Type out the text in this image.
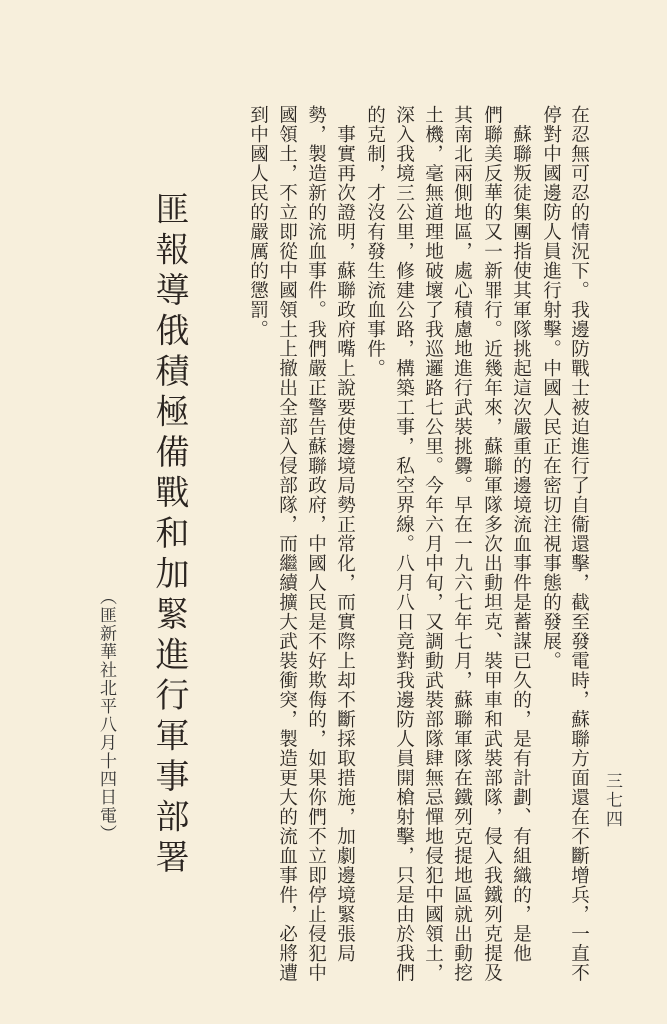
三七四
在忍無可忍的情況下。我邊防戰士被迫進行了自衞還擊，截至發電時，蘇聯方面還在不斷增兵，一直不
停對中國邊防人員進行射擊。中國人民正在密切注視事態的發展。
　蘇聯叛徒集團指使其軍隊挑起這次嚴重的邊境流血事件是蓄謀已久的，是有計劃、有組織的，是他
們聯美反華的又一新罪行。近幾年來，蘇聯軍隊多次出動坦克、裝甲車和武裝部隊，侵入我鐵列克提及
其南北兩側地區，處心積慮地進行武裝挑釁。早在一九六七年七月，蘇聯軍隊在鐵列克提地區就出動挖
土機，毫無道理地破壞了我巡邏路七公里。今年六月中旬，又調動武裝部隊肆無忌憚地侵犯中國領土，
深入我境三公里，修建公路，構築工事，私空界線。八月八日竟對我邊防人員開槍射擊，只是由於我們
的克制，才沒有發生流血事件。
　事實再次證明，蘇聯政府嘴上說要使邊境局勢正常化，而實際上却不斷採取措施，加劇邊境緊張局
勢，製造新的流血事件。我們嚴正警告蘇聯政府，中國人民是不好欺侮的，如果你們不立即停止侵犯中
國領土，不立即從中國領土上撤出全部入侵部隊，而繼續擴大武裝衝突，製造更大的流血事件，必將遭
到中國人民的嚴厲的懲罰。
匪報導俄積極備戰和加緊進行軍事部署
（匪新華社北平八月十四日電）
